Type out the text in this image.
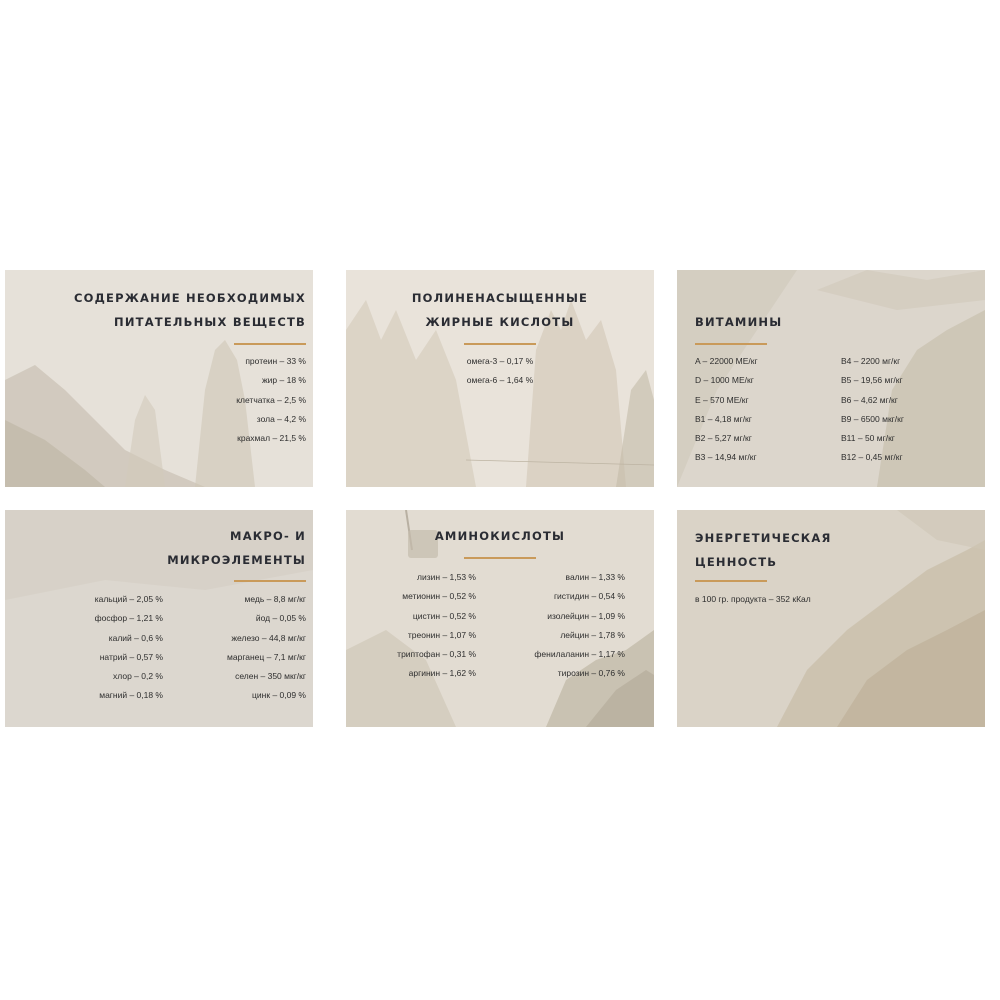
СОДЕРЖАНИЕ НЕОБХОДИМЫХ
ПИТАТЕЛЬНЫХ ВЕЩЕСТВ
протеин – 33 %
жир – 18 %
клетчатка – 2,5 %
зола – 4,2 %
крахмал – 21,5 %
ПОЛИНЕНАСЫЩЕННЫЕ
ЖИРНЫЕ КИСЛОТЫ
омега-3 – 0,17 %
омега-6 – 1,64 %
ВИТАМИНЫ
A – 22000 МЕ/кг
D – 1000 МЕ/кг
E – 570 МЕ/кг
B1 – 4,18 мг/кг
B2 – 5,27 мг/кг
B3 – 14,94 мг/кг
B4 – 2200 мг/кг
B5 – 19,56 мг/кг
B6 – 4,62 мг/кг
B9 – 6500 мкг/кг
B11 – 50 мг/кг
B12 – 0,45 мг/кг
МАКРО- И
МИКРОЭЛЕМЕНТЫ
кальций – 2,05 %
фосфор – 1,21 %
калий – 0,6 %
натрий – 0,57 %
хлор – 0,2 %
магний – 0,18 %
медь – 8,8 мг/кг
йод – 0,05 %
железо – 44,8 мг/кг
марганец – 7,1 мг/кг
селен – 350 мкг/кг
цинк – 0,09 %
АМИНОКИСЛОТЫ
лизин – 1,53 %
метионин – 0,52 %
цистин – 0,52 %
треонин – 1,07 %
триптофан – 0,31 %
аргинин – 1,62 %
валин – 1,33 %
гистидин – 0,54 %
изолейцин – 1,09 %
лейцин – 1,78 %
фенилаланин – 1,17 %
тирозин – 0,76 %
ЭНЕРГЕТИЧЕСКАЯ
ЦЕННОСТЬ
в 100 гр. продукта – 352 кКал
